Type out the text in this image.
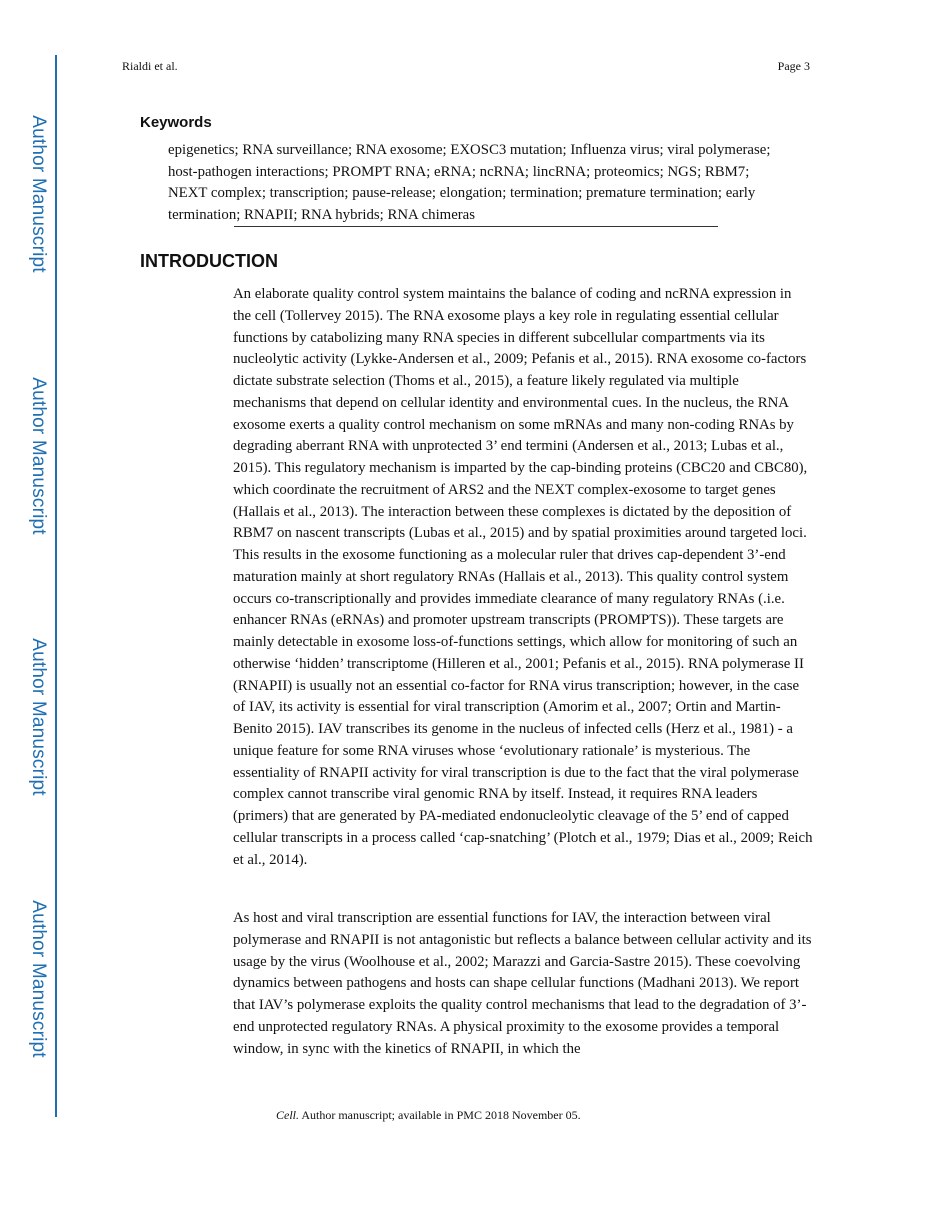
Author Manuscript
Author Manuscript
Author Manuscript
Author Manuscript
Rialdi et al.	Page 3
Keywords

epigenetics; RNA surveillance; RNA exosome; EXOSC3 mutation; Influenza virus; viral polymerase; host-pathogen interactions; PROMPT RNA; eRNA; ncRNA; lincRNA; proteomics; NGS; RBM7; NEXT complex; transcription; pause-release; elongation; termination; premature termination; early termination; RNAPII; RNA hybrids; RNA chimeras

INTRODUCTION

An elaborate quality control system maintains the balance of coding and ncRNA expression in the cell (Tollervey 2015). The RNA exosome plays a key role in regulating essential cellular functions by catabolizing many RNA species in different subcellular compartments via its nucleolytic activity (Lykke-Andersen et al., 2009; Pefanis et al., 2015). RNA exosome co-factors dictate substrate selection (Thoms et al., 2015), a feature likely regulated via multiple mechanisms that depend on cellular identity and environmental cues. In the nucleus, the RNA exosome exerts a quality control mechanism on some mRNAs and many non-coding RNAs by degrading aberrant RNA with unprotected 3’ end termini (Andersen et al., 2013; Lubas et al., 2015). This regulatory mechanism is imparted by the cap-binding proteins (CBC20 and CBC80), which coordinate the recruitment of ARS2 and the NEXT complex-exosome to target genes (Hallais et al., 2013). The interaction between these complexes is dictated by the deposition of RBM7 on nascent transcripts (Lubas et al., 2015) and by spatial proximities around targeted loci. This results in the exosome functioning as a molecular ruler that drives cap-dependent 3’-end maturation mainly at short regulatory RNAs (Hallais et al., 2013). This quality control system occurs co-transcriptionally and provides immediate clearance of many regulatory RNAs (.i.e. enhancer RNAs (eRNAs) and promoter upstream transcripts (PROMPTS)). These targets are mainly detectable in exosome loss-of-functions settings, which allow for monitoring of such an otherwise ‘hidden’ transcriptome (Hilleren et al., 2001; Pefanis et al., 2015). RNA polymerase II (RNAPII) is usually not an essential co-factor for RNA virus transcription; however, in the case of IAV, its activity is essential for viral transcription (Amorim et al., 2007; Ortin and Martin-Benito 2015). IAV transcribes its genome in the nucleus of infected cells (Herz et al., 1981) - a unique feature for some RNA viruses whose ‘evolutionary rationale’ is mysterious. The essentiality of RNAPII activity for viral transcription is due to the fact that the viral polymerase complex cannot transcribe viral genomic RNA by itself. Instead, it requires RNA leaders (primers) that are generated by PA-mediated endonucleolytic cleavage of the 5’ end of capped cellular transcripts in a process called ‘cap-snatching’ (Plotch et al., 1979; Dias et al., 2009; Reich et al., 2014).

As host and viral transcription are essential functions for IAV, the interaction between viral polymerase and RNAPII is not antagonistic but reflects a balance between cellular activity and its usage by the virus (Woolhouse et al., 2002; Marazzi and Garcia-Sastre 2015). These coevolving dynamics between pathogens and hosts can shape cellular functions (Madhani 2013). We report that IAV’s polymerase exploits the quality control mechanisms that lead to the degradation of 3’-end unprotected regulatory RNAs. A physical proximity to the exosome provides a temporal window, in sync with the kinetics of RNAPII, in which the

Cell. Author manuscript; available in PMC 2018 November 05.
